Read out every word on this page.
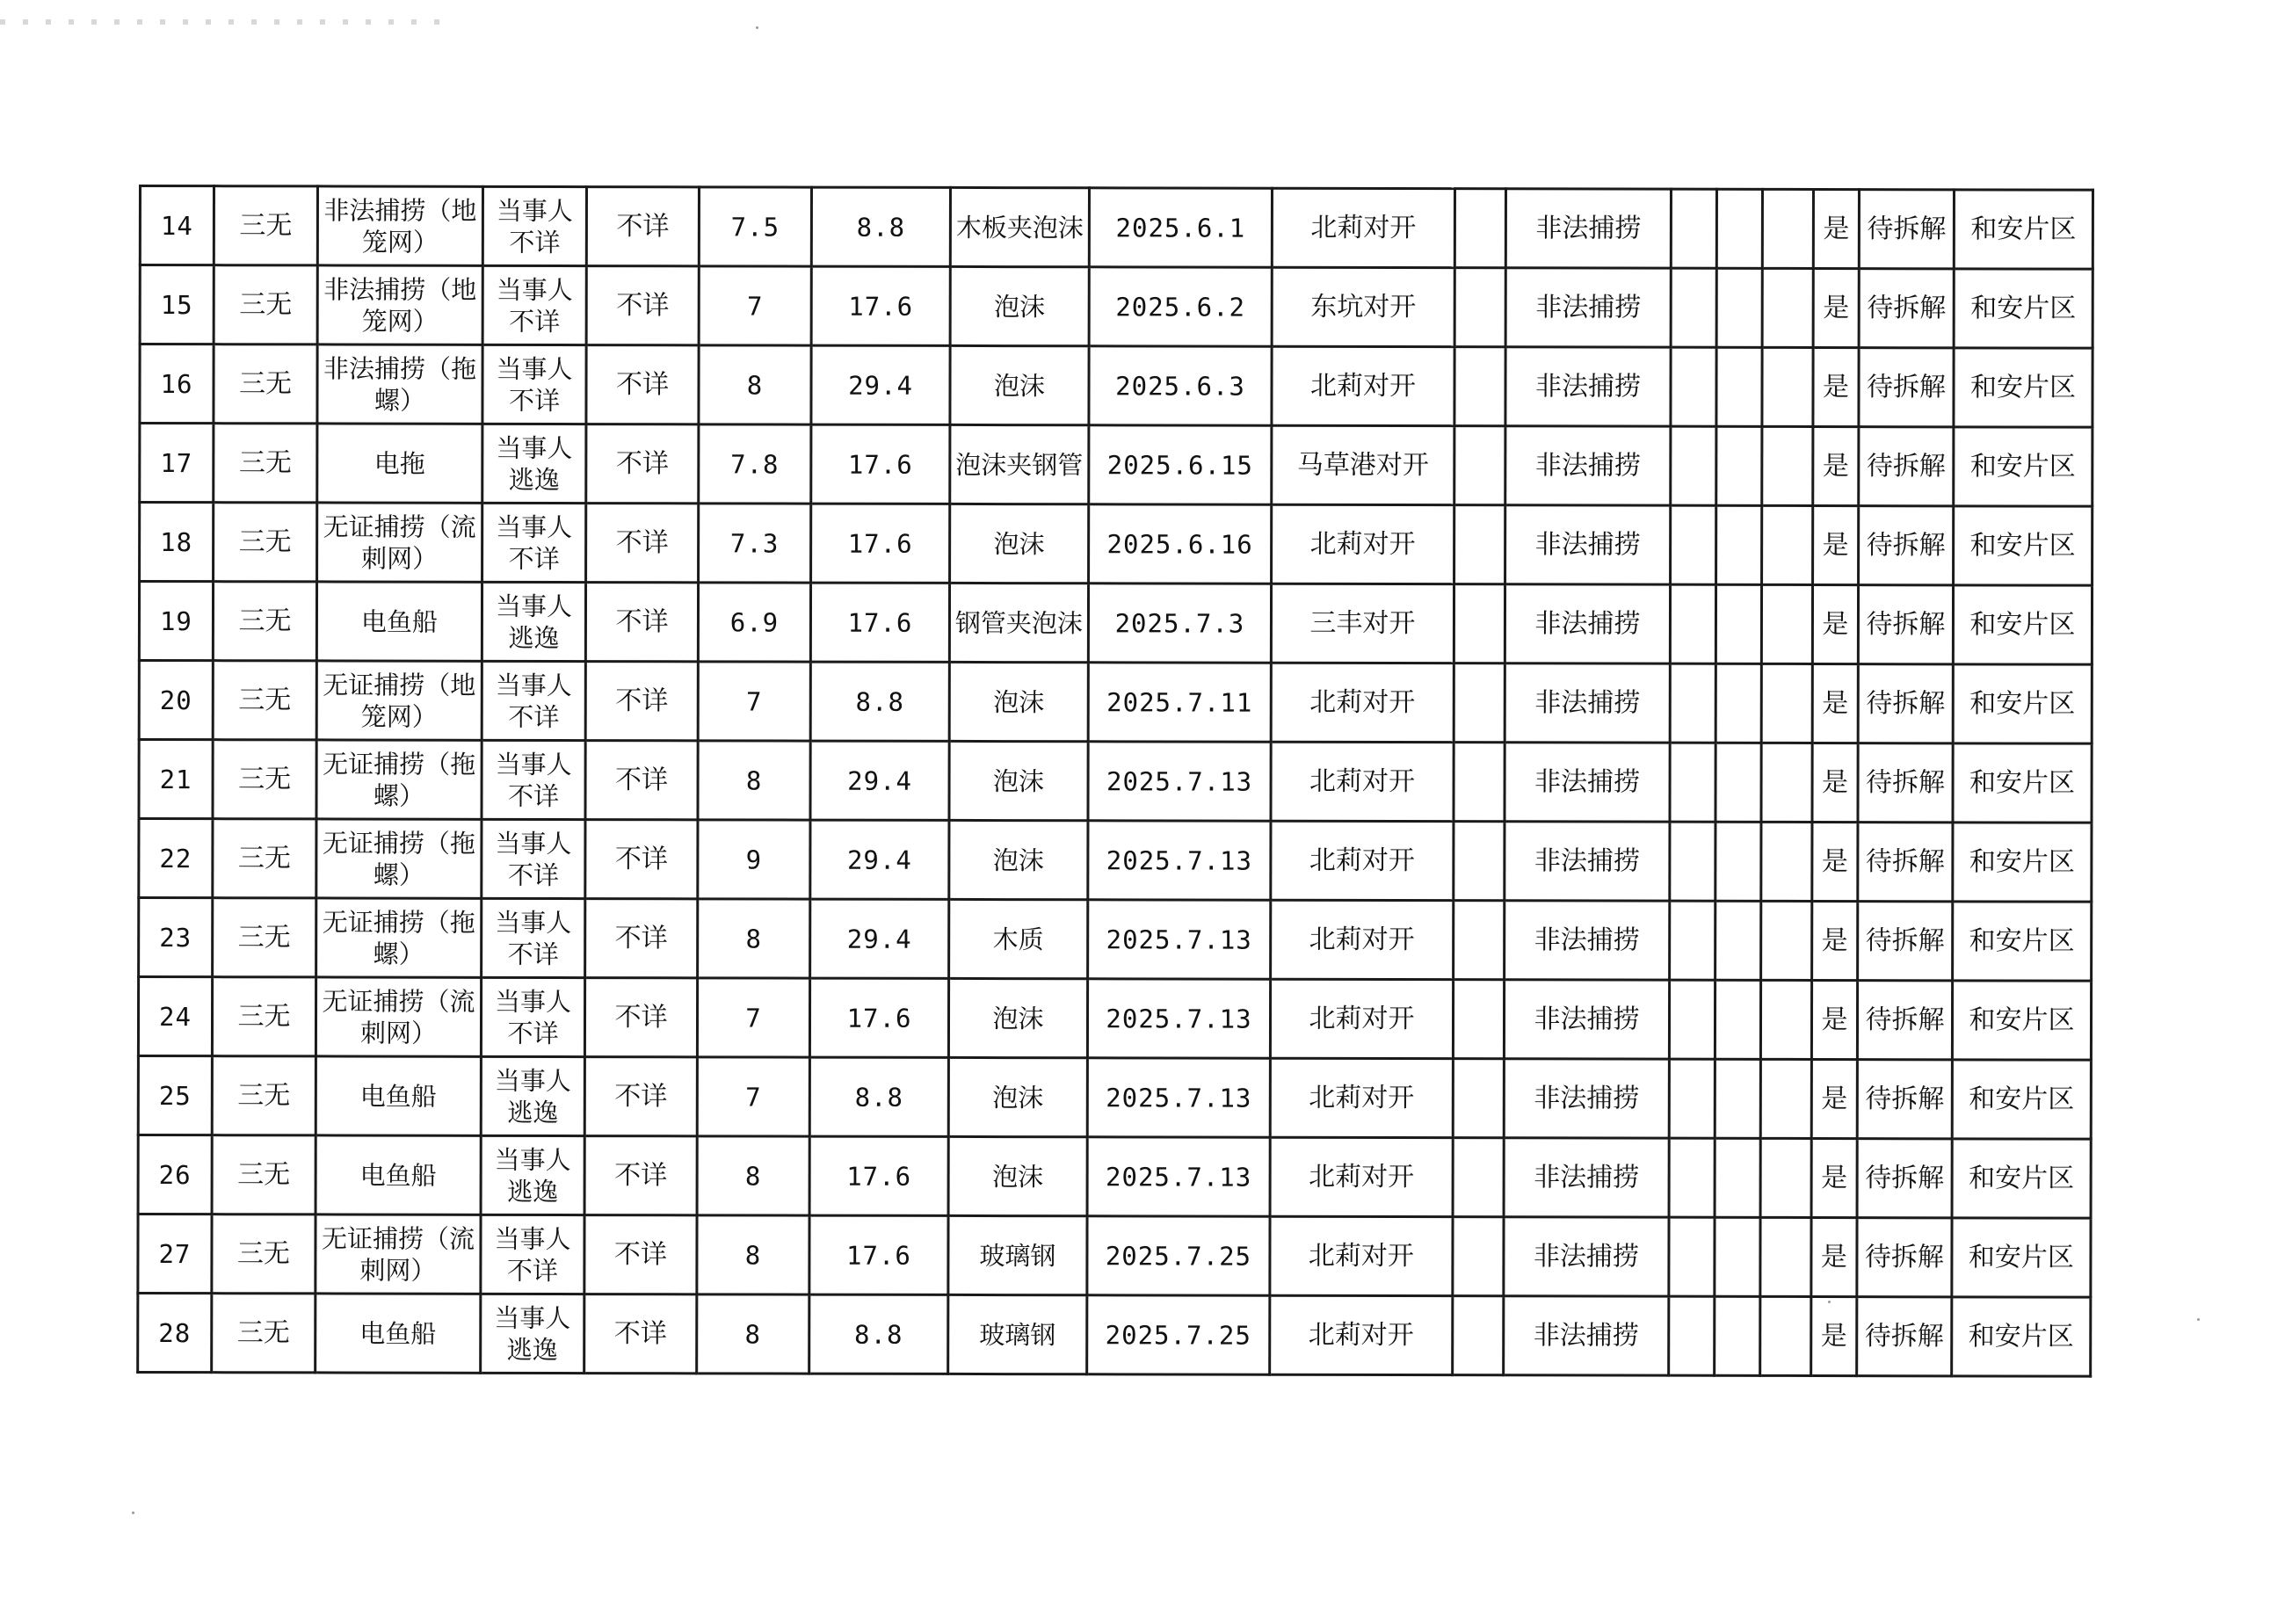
14	三无	非法捕捞（地笼网）	当事人不详	不详	7.5	8.8	木板夹泡沫	2025.6.1	北莉对开		非法捕捞				是	待拆解	和安片区
15	三无	非法捕捞（地笼网）	当事人不详	不详	7	17.6	泡沫	2025.6.2	东坑对开		非法捕捞				是	待拆解	和安片区
16	三无	非法捕捞（拖螺）	当事人不详	不详	8	29.4	泡沫	2025.6.3	北莉对开		非法捕捞				是	待拆解	和安片区
17	三无	电拖	当事人逃逸	不详	7.8	17.6	泡沫夹钢管	2025.6.15	马草港对开		非法捕捞				是	待拆解	和安片区
18	三无	无证捕捞（流刺网）	当事人不详	不详	7.3	17.6	泡沫	2025.6.16	北莉对开		非法捕捞				是	待拆解	和安片区
19	三无	电鱼船	当事人逃逸	不详	6.9	17.6	钢管夹泡沫	2025.7.3	三丰对开		非法捕捞				是	待拆解	和安片区
20	三无	无证捕捞（地笼网）	当事人不详	不详	7	8.8	泡沫	2025.7.11	北莉对开		非法捕捞				是	待拆解	和安片区
21	三无	无证捕捞（拖螺）	当事人不详	不详	8	29.4	泡沫	2025.7.13	北莉对开		非法捕捞				是	待拆解	和安片区
22	三无	无证捕捞（拖螺）	当事人不详	不详	9	29.4	泡沫	2025.7.13	北莉对开		非法捕捞				是	待拆解	和安片区
23	三无	无证捕捞（拖螺）	当事人不详	不详	8	29.4	木质	2025.7.13	北莉对开		非法捕捞				是	待拆解	和安片区
24	三无	无证捕捞（流刺网）	当事人不详	不详	7	17.6	泡沫	2025.7.13	北莉对开		非法捕捞				是	待拆解	和安片区
25	三无	电鱼船	当事人逃逸	不详	7	8.8	泡沫	2025.7.13	北莉对开		非法捕捞				是	待拆解	和安片区
26	三无	电鱼船	当事人逃逸	不详	8	17.6	泡沫	2025.7.13	北莉对开		非法捕捞				是	待拆解	和安片区
27	三无	无证捕捞（流刺网）	当事人不详	不详	8	17.6	玻璃钢	2025.7.25	北莉对开		非法捕捞				是	待拆解	和安片区
28	三无	电鱼船	当事人逃逸	不详	8	8.8	玻璃钢	2025.7.25	北莉对开		非法捕捞				是	待拆解	和安片区
